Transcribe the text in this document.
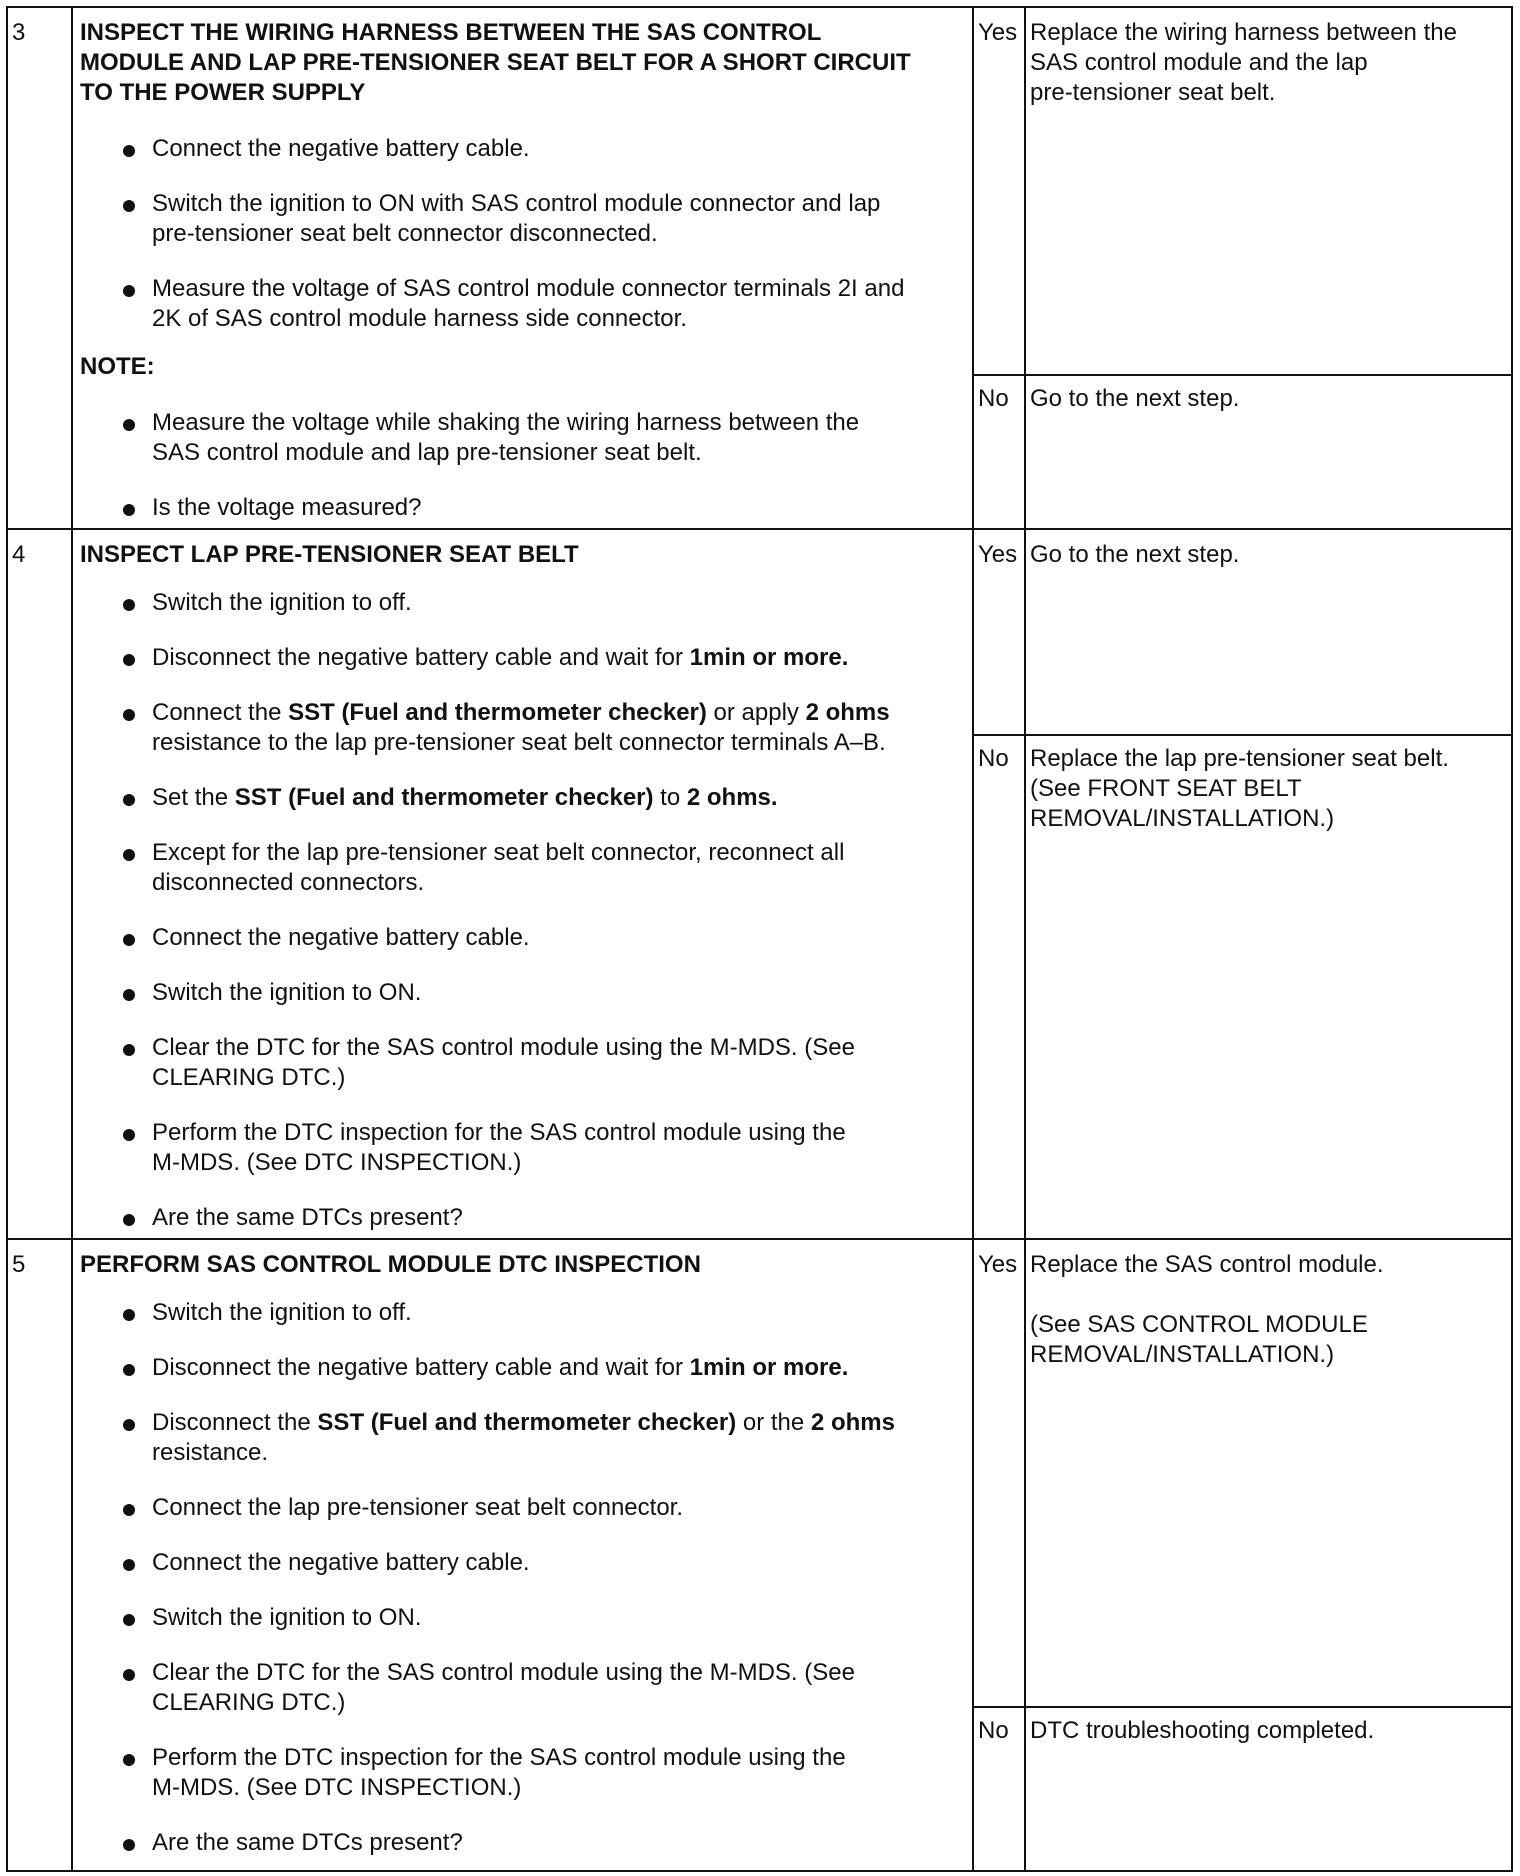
3 INSPECT THE WIRING HARNESS BETWEEN THE SAS CONTROL
MODULE AND LAP PRE-TENSIONER SEAT BELT FOR A SHORT CIRCUIT
TO THE POWER SUPPLY
Connect the negative battery cable.
Switch the ignition to ON with SAS control module connector and lap
pre-tensioner seat belt connector disconnected.
Measure the voltage of SAS control module connector terminals 2I and
2K of SAS control module harness side connector.
NOTE:
Measure the voltage while shaking the wiring harness between the
SAS control module and lap pre-tensioner seat belt.
Is the voltage measured?
Yes Replace the wiring harness between the
SAS control module and the lap
pre-tensioner seat belt.
No Go to the next step.
4 INSPECT LAP PRE-TENSIONER SEAT BELT
Switch the ignition to off.
Disconnect the negative battery cable and wait for 1min or more.
Connect the SST (Fuel and thermometer checker) or apply 2 ohms
resistance to the lap pre-tensioner seat belt connector terminals A–B.
Set the SST (Fuel and thermometer checker) to 2 ohms.
Except for the lap pre-tensioner seat belt connector, reconnect all
disconnected connectors.
Connect the negative battery cable.
Switch the ignition to ON.
Clear the DTC for the SAS control module using the M-MDS. (See
CLEARING DTC.)
Perform the DTC inspection for the SAS control module using the
M-MDS. (See DTC INSPECTION.)
Are the same DTCs present?
Yes Go to the next step.
No Replace the lap pre-tensioner seat belt.
(See FRONT SEAT BELT
REMOVAL/INSTALLATION.)
5 PERFORM SAS CONTROL MODULE DTC INSPECTION
Switch the ignition to off.
Disconnect the negative battery cable and wait for 1min or more.
Disconnect the SST (Fuel and thermometer checker) or the 2 ohms
resistance.
Connect the lap pre-tensioner seat belt connector.
Connect the negative battery cable.
Switch the ignition to ON.
Clear the DTC for the SAS control module using the M-MDS. (See
CLEARING DTC.)
Perform the DTC inspection for the SAS control module using the
M-MDS. (See DTC INSPECTION.)
Are the same DTCs present?
Yes Replace the SAS control module.
(See SAS CONTROL MODULE
REMOVAL/INSTALLATION.)
No DTC troubleshooting completed.
